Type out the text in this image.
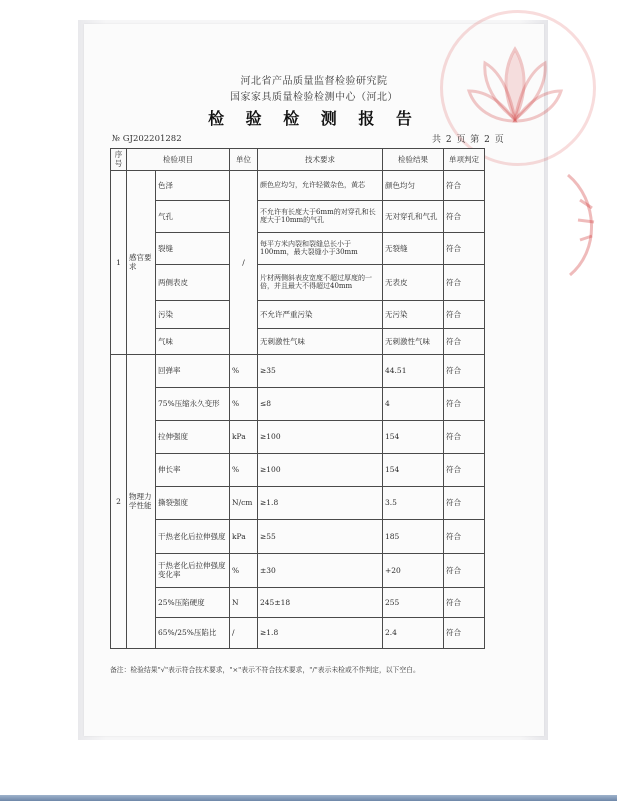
河北省产品质量监督检验研究院
国家家具质量检验检测中心（河北）
检 验 检 测 报 告
№ GJ202201282	共 2 页 第 2 页
序号	检验项目		单位	技术要求	检验结果	单项判定
1	感官要求	色泽	/	颜色应均匀，允许轻微杂色，黄芯	颜色均匀	符合
		气孔		不允许有长度大于6mm的对穿孔和长度大于10mm的气孔	无对穿孔和气孔	符合
		裂缝		每平方米内裂和裂缝总长小于100mm，最大裂缝小于30mm	无裂缝	符合
		两侧表皮		片材两侧斜表皮宽度不超过厚度的一倍，并且最大不得超过40mm	无表皮	符合
		污染		不允许严重污染	无污染	符合
		气味		无刺激性气味	无刺激性气味	符合
2	物理力学性能	回弹率	%	≥35	44.51	符合
		75%压缩永久变形	%	≤8	4	符合
		拉伸强度	kPa	≥100	154	符合
		伸长率	%	≥100	154	符合
		撕裂强度	N/cm	≥1.8	3.5	符合
		干热老化后拉伸强度	kPa	≥55	185	符合
		干热老化后拉伸强度变化率	%	±30	+20	符合
		25%压陷硬度	N	245±18	255	符合
		65%/25%压陷比	/	≥1.8	2.4	符合
备注：检验结果"√"表示符合技术要求，"×"表示不符合技术要求，"/"表示未检或不作判定，以下空白。
